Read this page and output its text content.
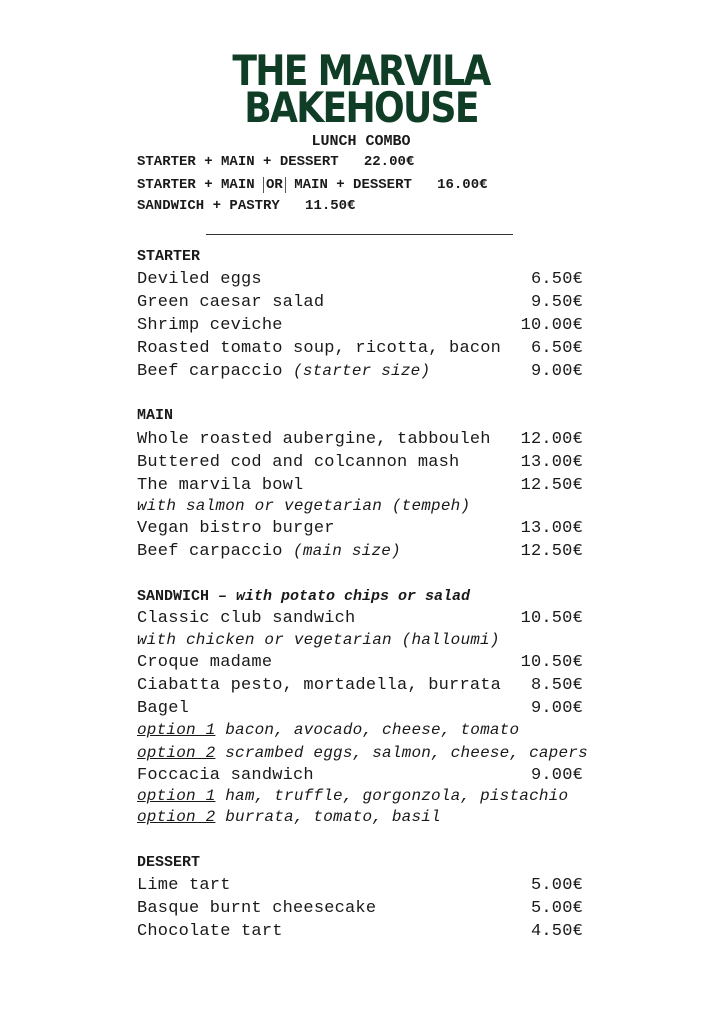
THE MARVILA
BAKEHOUSE
LUNCH COMBO
STARTER + MAIN + DESSERT 22.00€
STARTER + MAIN OR MAIN + DESSERT 16.00€
SANDWICH + PASTRY 11.50€
STARTER
Deviled eggs	6.50€
Green caesar salad	9.50€
Shrimp ceviche	10.00€
Roasted tomato soup, ricotta, bacon 6.50€
Beef carpaccio (starter size)	9.00€
MAIN
Whole roasted aubergine, tabbouleh 12.00€
Buttered cod and colcannon mash	13.00€
The marvila bowl	12.50€
with salmon or vegetarian (tempeh)
Vegan bistro burger	13.00€
Beef carpaccio (main size)	12.50€
SANDWICH – with potato chips or salad
Classic club sandwich	10.50€
with chicken or vegetarian (halloumi)
Croque madame	10.50€
Ciabatta pesto, mortadella, burrata 8.50€
Bagel	9.00€
option 1 bacon, avocado, cheese, tomato
option 2 scrambed eggs, salmon, cheese, capers
Foccacia sandwich	9.00€
option 1 ham, truffle, gorgonzola, pistachio
option 2 burrata, tomato, basil
DESSERT
Lime tart	5.00€
Basque burnt cheesecake	5.00€
Chocolate tart	4.50€
